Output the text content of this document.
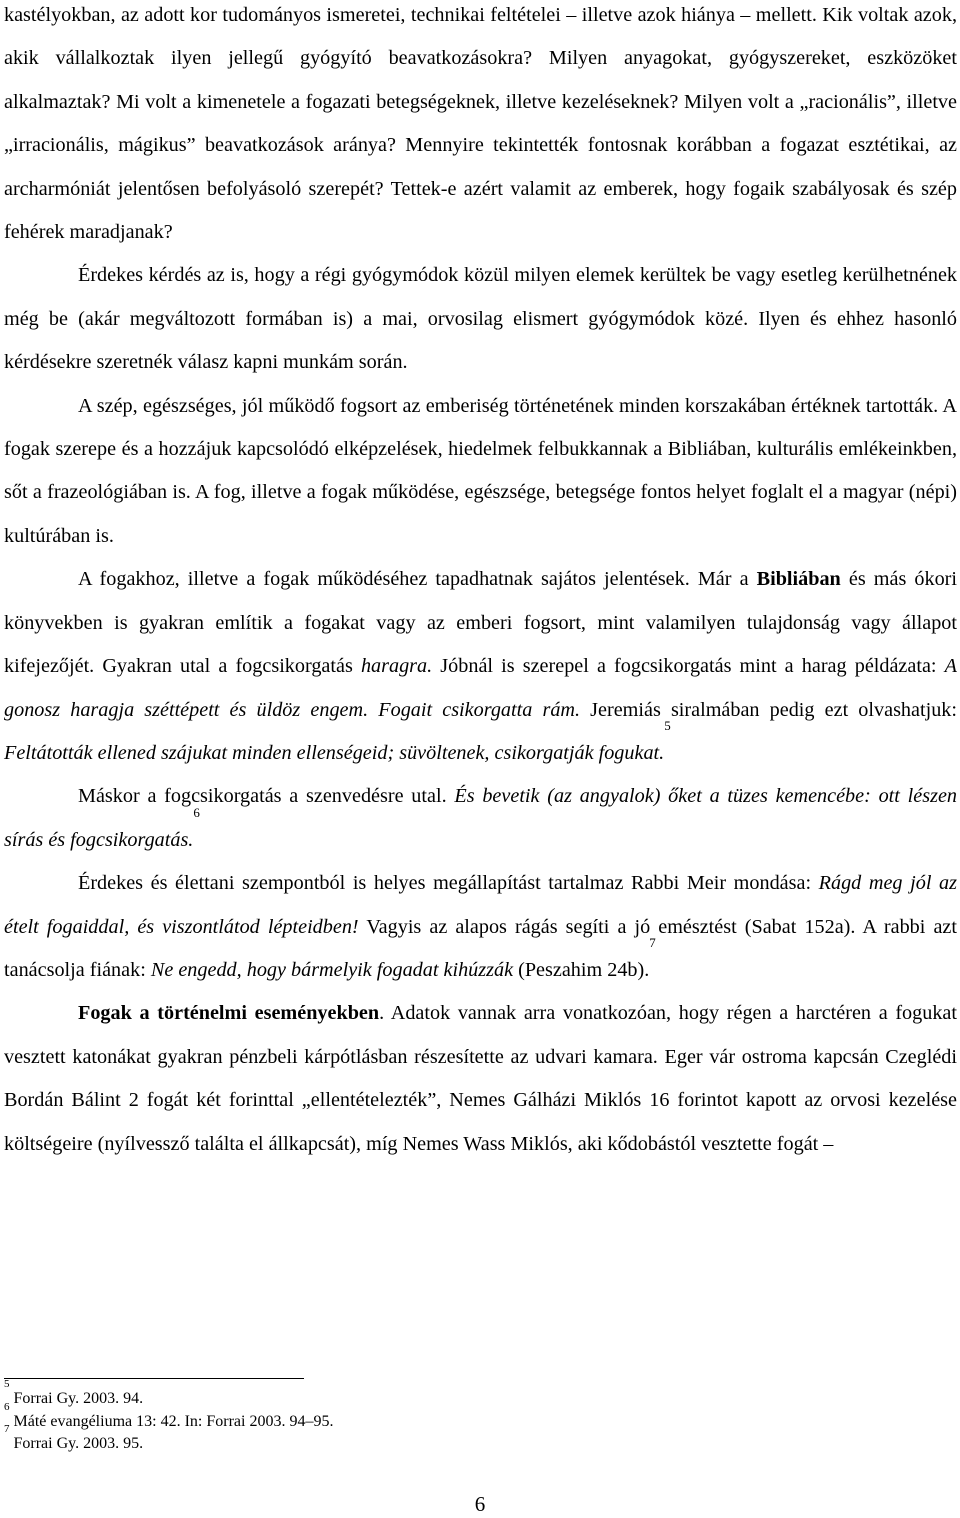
kastélyokban, az adott kor tudományos ismeretei, technikai feltételei – illetve azok hiánya – mellett. Kik voltak azok, akik vállalkoztak ilyen jellegű gyógyító beavatkozásokra? Milyen anyagokat, gyógyszereket, eszközöket alkalmaztak? Mi volt a kimenetele a fogazati betegségeknek, illetve kezeléseknek? Milyen volt a „racionális”, illetve „irracionális, mágikus” beavatkozások aránya? Mennyire tekintették fontosnak korábban a fogazat esztétikai, az archarmóniát jelentősen befolyásoló szerepét? Tettek-e azért valamit az emberek, hogy fogaik szabályosak és szép fehérek maradjanak?

Érdekes kérdés az is, hogy a régi gyógymódok közül milyen elemek kerültek be vagy esetleg kerülhetnének még be (akár megváltozott formában is) a mai, orvosilag elismert gyógymódok közé. Ilyen és ehhez hasonló kérdésekre szeretnék válasz kapni munkám során.

A szép, egészséges, jól működő fogsort az emberiség történetének minden korszakában értéknek tartották. A fogak szerepe és a hozzájuk kapcsolódó elképzelések, hiedelmek felbukkannak a Bibliában, kulturális emlékeinkben, sőt a frazeológiában is. A fog, illetve a fogak működése, egészsége, betegsége fontos helyet foglalt el a magyar (népi) kultúrában is.

A fogakhoz, illetve a fogak működéséhez tapadhatnak sajátos jelentések. Már a Bibliában és más ókori könyvekben is gyakran említik a fogakat vagy az emberi fogsort, mint valamilyen tulajdonság vagy állapot kifejezőjét. Gyakran utal a fogcsikorgatás haragra. Jóbnál is szerepel a fogcsikorgatás mint a harag példázata: A gonosz haragja széttépett és üldöz engem. Fogait csikorgatta rám. Jeremiás siralmában pedig ezt olvashatjuk: Feltátották ellened szájukat minden ellenségeid; süvöltenek, csikorgatják fogukat.$^5$

Máskor a fogcsikorgatás a szenvedésre utal. És bevetik (az angyalok) őket a tüzes kemencébe: ott lészen sírás és fogcsikorgatás.$^6$

Érdekes és élettani szempontból is helyes megállapítást tartalmaz Rabbi Meir mondása: Rágd meg jól az ételt fogaiddal, és viszontlátod lépteidben! Vagyis az alapos rágás segíti a jó emésztést (Sabat 152a). A rabbi azt tanácsolja fiának: Ne engedd, hogy bármelyik fogadat kihúzzák (Peszahim 24b).$^7$

Fogak a történelmi eseményekben. Adatok vannak arra vonatkozóan, hogy régen a harctéren a fogukat vesztett katonákat gyakran pénzbeli kárpótlásban részesítette az udvari kamara. Eger vár ostroma kapcsán Czeglédi Bordán Bálint 2 fogát két forinttal „ellentételezték”, Nemes Gálházi Miklós 16 forintot kapott az orvosi kezelése költségeire (nyílvessző találta el állkapcsát), míg Nemes Wass Miklós, aki kődobástól vesztette fogát –

$^5$ Forrai Gy. 2003. 94.
$^6$ Máté evangéliuma 13: 42. In: Forrai 2003. 94–95.
$^7$ Forrai Gy. 2003. 95.
6
